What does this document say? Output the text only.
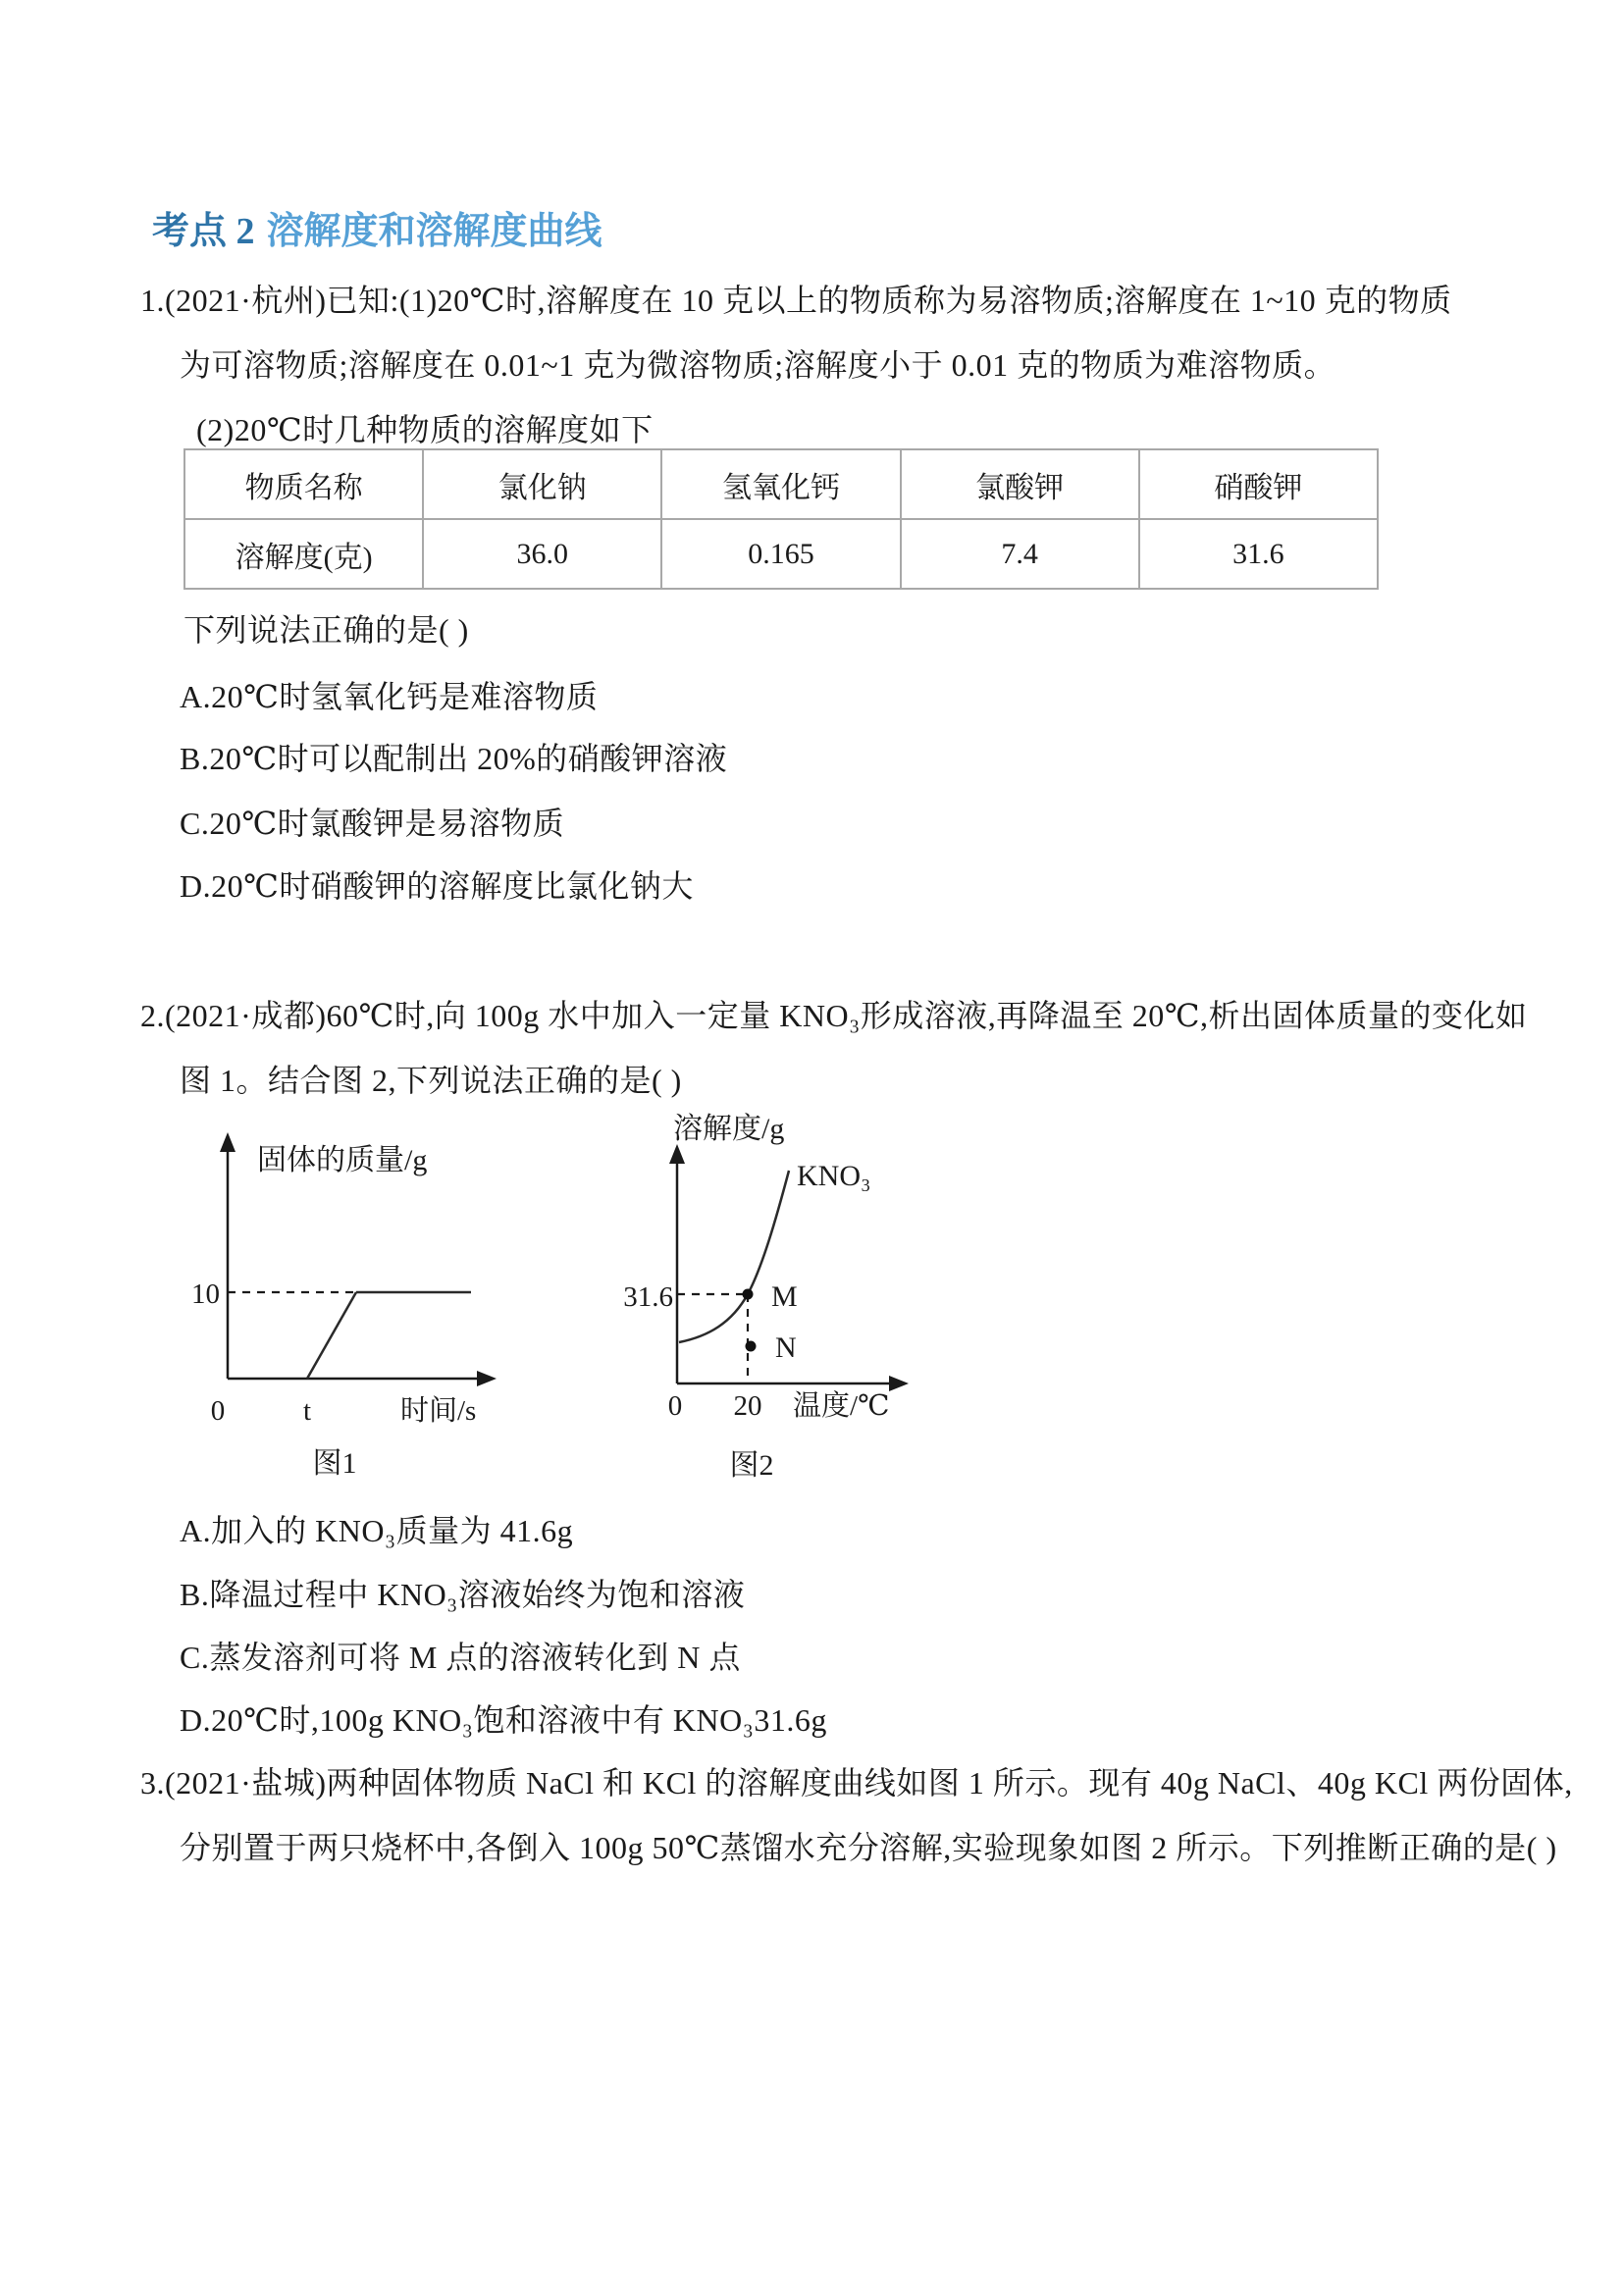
考点 2 溶解度和溶解度曲线
1.(2021·杭州)已知:(1)20℃时,溶解度在 10 克以上的物质称为易溶物质;溶解度在 1~10 克的物质
为可溶物质;溶解度在 0.01~1 克为微溶物质;溶解度小于 0.01 克的物质为难溶物质。
(2)20℃时几种物质的溶解度如下
物质名称	氯化钠	氢氧化钙	氯酸钾	硝酸钾
溶解度(克)	36.0	0.165	7.4	31.6
下列说法正确的是( )
A.20℃时氢氧化钙是难溶物质
B.20℃时可以配制出 20%的硝酸钾溶液
C.20℃时氯酸钾是易溶物质
D.20℃时硝酸钾的溶解度比氯化钠大
2.(2021·成都)60℃时,向 100g 水中加入一定量 KNO₃形成溶液,再降温至 20℃,析出固体质量的变化如
图 1。结合图 2,下列说法正确的是( )
固体的质量/g
10
0	t	时间/s
图1
溶解度/g
KNO₃
31.6	M
N
0 20 温度/℃
图2
A.加入的 KNO₃质量为 41.6g
B.降温过程中 KNO₃溶液始终为饱和溶液
C.蒸发溶剂可将 M 点的溶液转化到 N 点
D.20℃时,100g KNO₃饱和溶液中有 KNO₃31.6g
3.(2021·盐城)两种固体物质 NaCl 和 KCl 的溶解度曲线如图 1 所示。现有 40g NaCl、40g KCl 两份固体,
分别置于两只烧杯中,各倒入 100g 50℃蒸馏水充分溶解,实验现象如图 2 所示。下列推断正确的是( )
